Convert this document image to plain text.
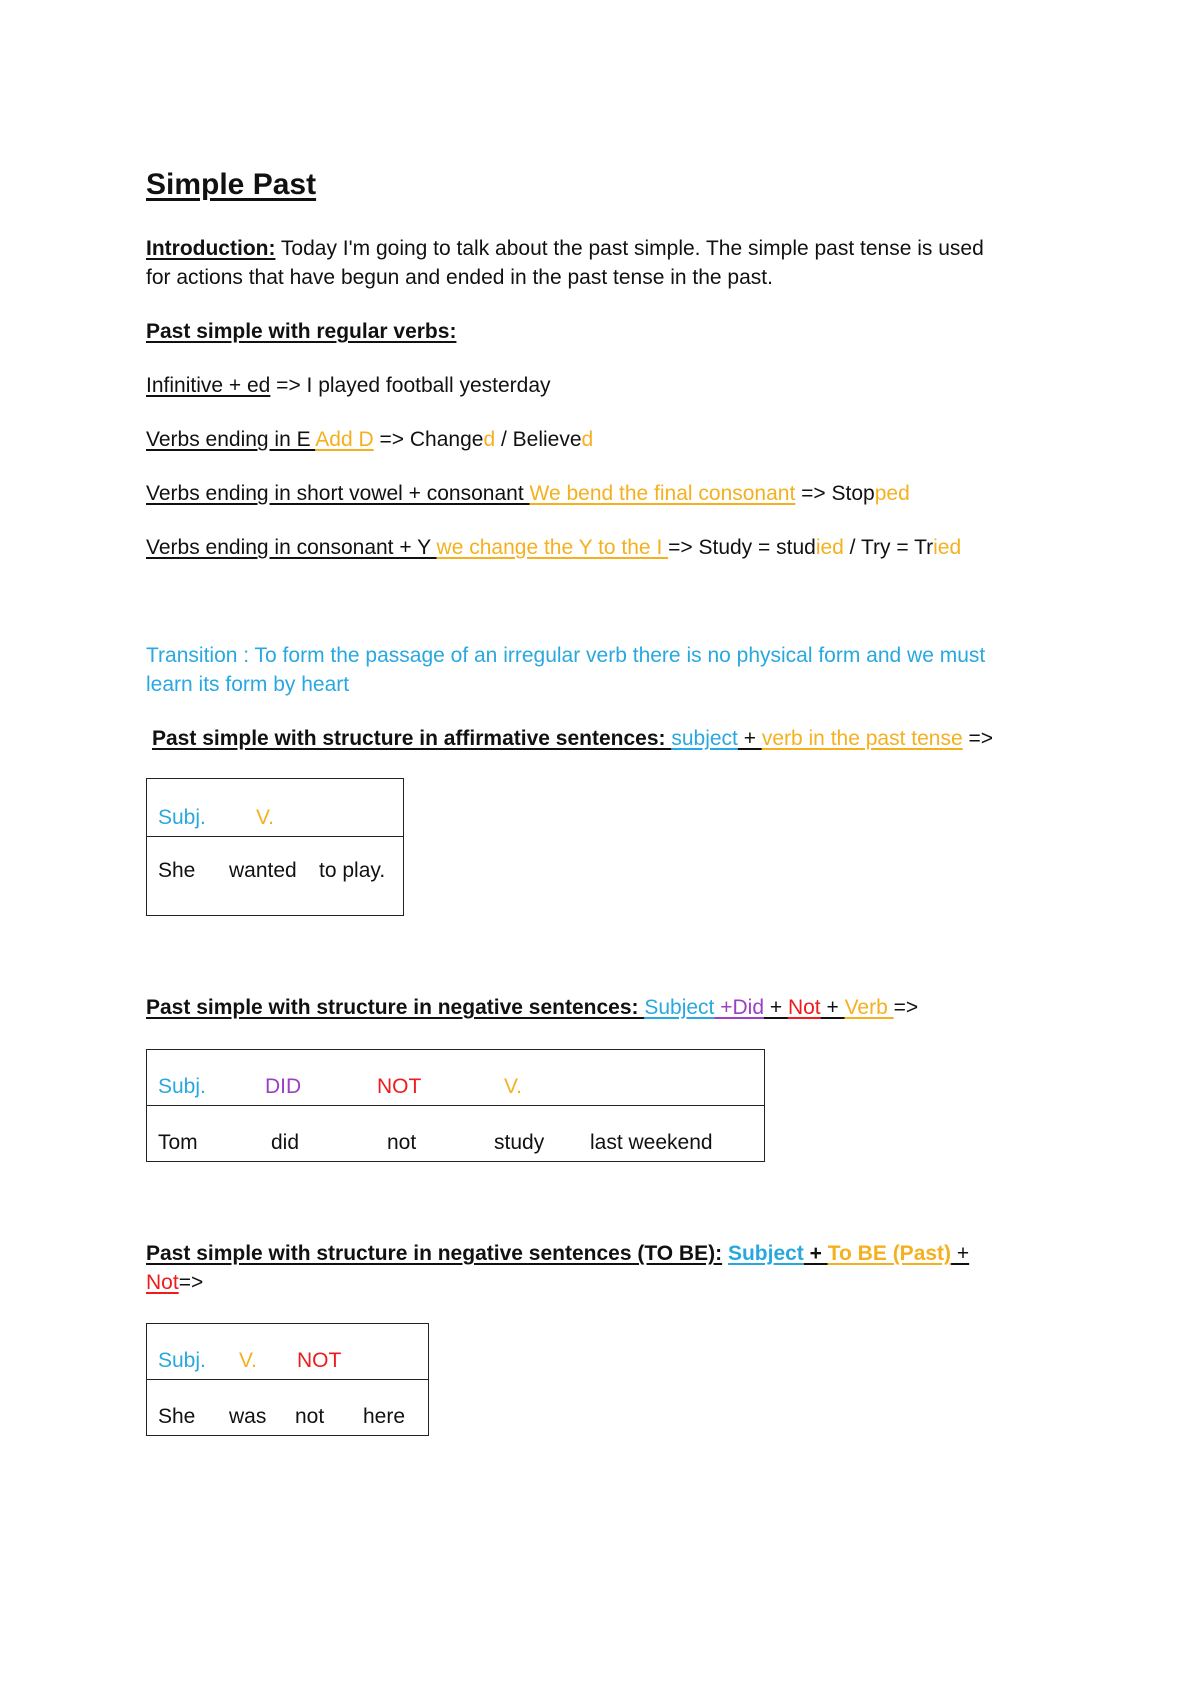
Simple Past
Introduction: Today I'm going to talk about the past simple. The simple past tense is used
for actions that have begun and ended in the past tense in the past.
Past simple with regular verbs:
Infinitive + ed => I played football yesterday
Verbs ending in E Add D => Changed / Believed
Verbs ending in short vowel + consonant We bend the final consonant => Stopped
Verbs ending in consonant + Y we change the Y to the I => Study = studied / Try = Tried
Transition : To form the passage of an irregular verb there is no physical form and we must
learn its form by heart
Past simple with structure in affirmative sentences: subject + verb in the past tense =>
Subj.	V.

She	wanted	to play.
Past simple with structure in negative sentences: Subject +Did + Not + Verb =>
Subj.	DID	NOT	V.

Tom	did	not	study	last weekend
Past simple with structure in negative sentences (TO BE): Subject + To BE (Past) +
Not=>
Subj.	V.	NOT

She	was	not	here
